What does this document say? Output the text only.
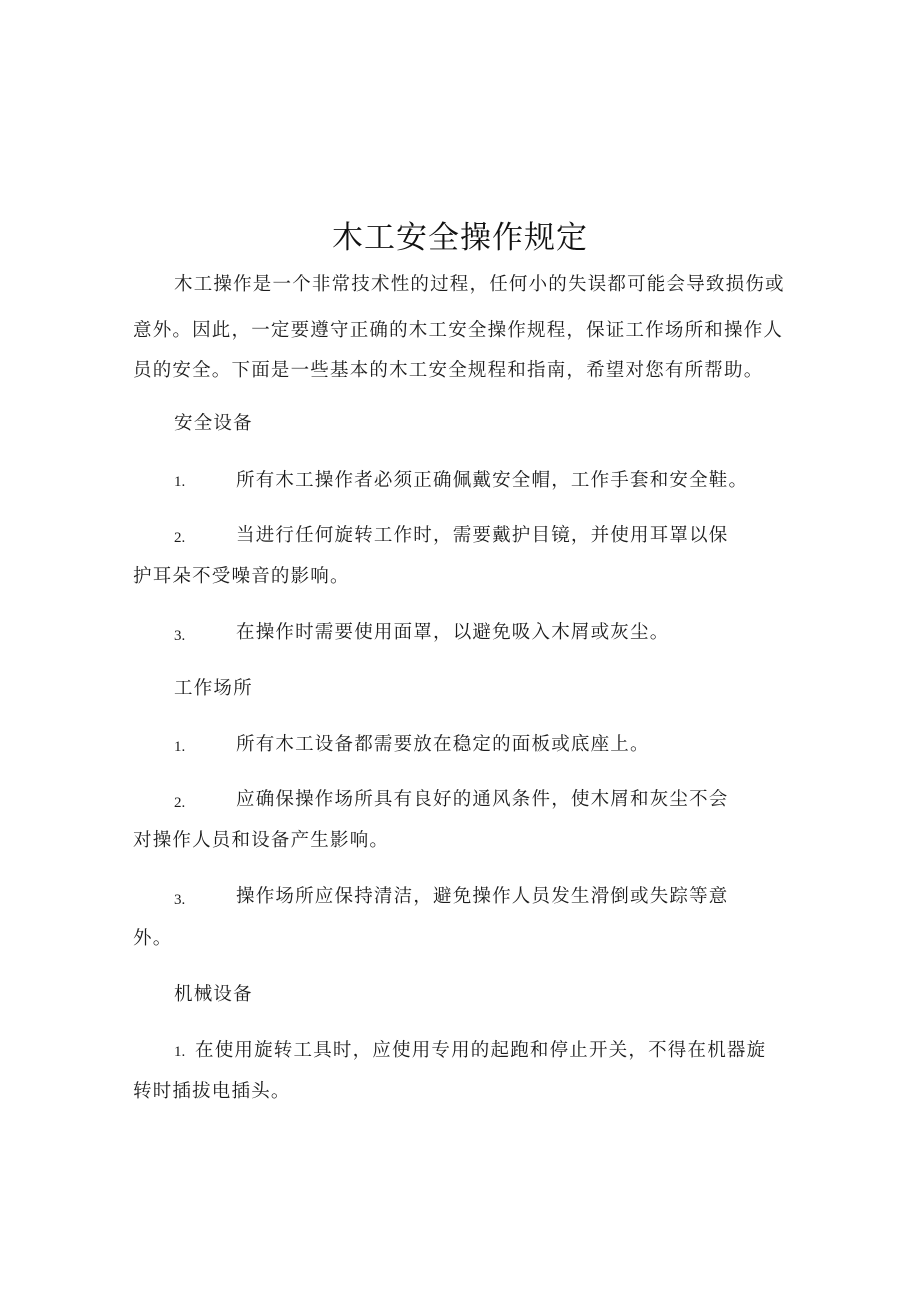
木工安全操作规定
木工操作是一个非常技术性的过程，任何小的失误都可能会导致损伤或
意外。因此，一定要遵守正确的木工安全操作规程，保证工作场所和操作人
员的安全。下面是一些基本的木工安全规程和指南，希望对您有所帮助。
安全设备
1.	所有木工操作者必须正确佩戴安全帽，工作手套和安全鞋。
2.	当进行任何旋转工作时，需要戴护目镜，并使用耳罩以保
护耳朵不受噪音的影响。
3.	在操作时需要使用面罩，以避免吸入木屑或灰尘。
工作场所
1.	所有木工设备都需要放在稳定的面板或底座上。
2.	应确保操作场所具有良好的通风条件，使木屑和灰尘不会
对操作人员和设备产生影响。
3.	操作场所应保持清洁，避免操作人员发生滑倒或失踪等意
外。
机械设备
1. 在使用旋转工具时，应使用专用的起跑和停止开关，不得在机器旋
转时插拔电插头。
